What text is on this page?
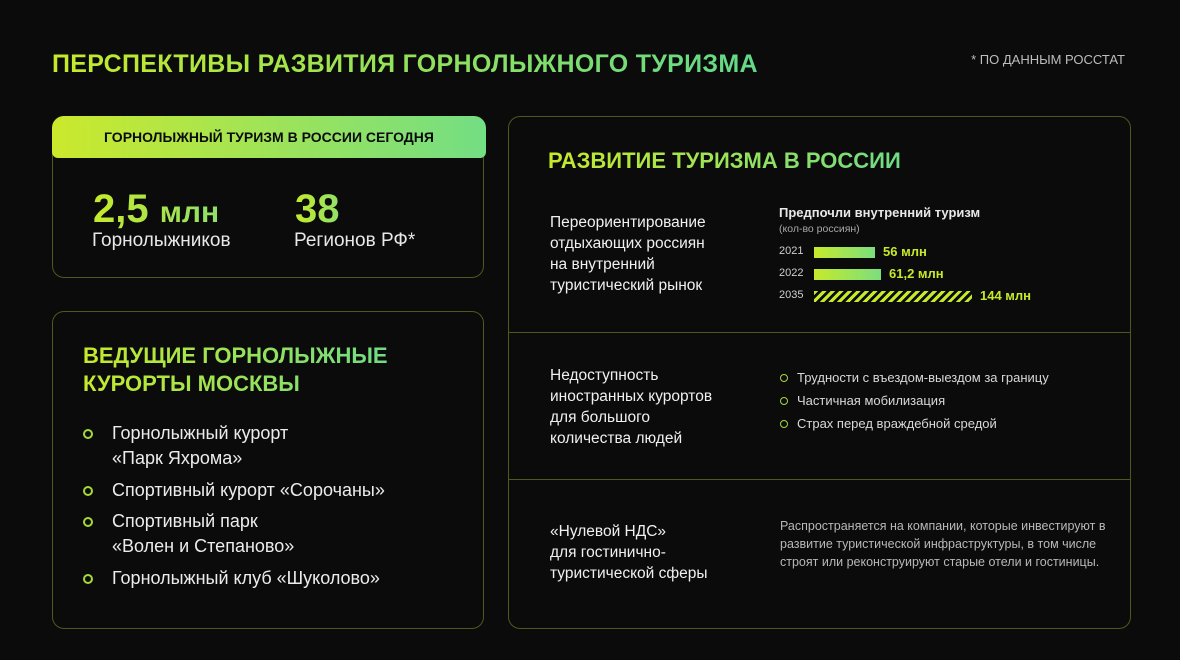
ПЕРСПЕКТИВЫ РАЗВИТИЯ ГОРНОЛЫЖНОГО ТУРИЗМА	* ПО ДАННЫМ РОССТАТ
ГОРНОЛЫЖНЫЙ ТУРИЗМ В РОССИИ СЕГОДНЯ
2,5 млн
Горнолыжников
38
Регионов РФ*
ВЕДУЩИЕ ГОРНОЛЫЖНЫЕ
КУРОРТЫ МОСКВЫ
Горнолыжный курорт
«Парк Яхрома»
Спортивный курорт «Сорочаны»
Спортивный парк
«Волен и Степаново»
Горнолыжный клуб «Шуколово»
РАЗВИТИЕ ТУРИЗМА В РОССИИ
Переориентирование
отдыхающих россиян
на внутренний
туристический рынок
Предпочли внутренний туризм
(кол-во россиян)
2021	56 млн
2022	61,2 млн
2035	144 млн
Недоступность
иностранных курортов
для большого
количества людей
Трудности с въездом-выездом за границу
Частичная мобилизация
Страх перед враждебной средой
«Нулевой НДС»
для гостинично-
туристической сферы
Распространяется на компании, которые инвестируют в развитие туристической инфраструктуры, в том числе строят или реконструируют старые отели и гостиницы.
